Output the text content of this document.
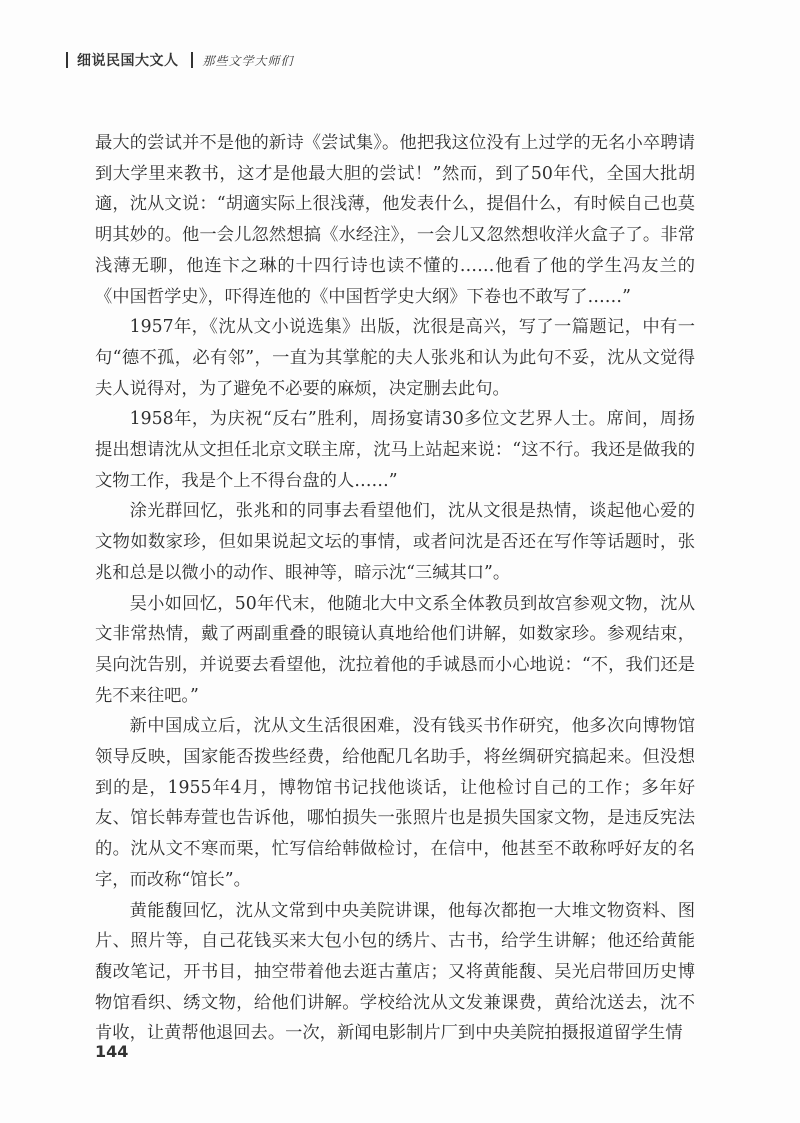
细说民国大文人 那些文学大师们

最大的尝试并不是他的新诗《尝试集》。他把我这位没有上过学的无名小卒聘请到大学里来教书，这才是他最大胆的尝试！”然而，到了50年代，全国大批胡適，沈从文说：“胡適实际上很浅薄，他发表什么，提倡什么，有时候自己也莫明其妙的。他一会儿忽然想搞《水经注》，一会儿又忽然想收洋火盒子了。非常浅薄无聊，他连卞之琳的十四行诗也读不懂的……他看了他的学生冯友兰的《中国哲学史》，吓得连他的《中国哲学史大纲》下卷也不敢写了……”

1957年，《沈从文小说选集》出版，沈很是高兴，写了一篇题记，中有一句“德不孤，必有邻”，一直为其掌舵的夫人张兆和认为此句不妥，沈从文觉得夫人说得对，为了避免不必要的麻烦，决定删去此句。

1958年，为庆祝“反右”胜利，周扬宴请30多位文艺界人士。席间，周扬提出想请沈从文担任北京文联主席，沈马上站起来说：“这不行。我还是做我的文物工作，我是个上不得台盘的人……”

涂光群回忆，张兆和的同事去看望他们，沈从文很是热情，谈起他心爱的文物如数家珍，但如果说起文坛的事情，或者问沈是否还在写作等话题时，张兆和总是以微小的动作、眼神等，暗示沈“三缄其口”。

吴小如回忆，50年代末，他随北大中文系全体教员到故宫参观文物，沈从文非常热情，戴了两副重叠的眼镜认真地给他们讲解，如数家珍。参观结束，吴向沈告别，并说要去看望他，沈拉着他的手诚恳而小心地说：“不，我们还是先不来往吧。”

新中国成立后，沈从文生活很困难，没有钱买书作研究，他多次向博物馆领导反映，国家能否拨些经费，给他配几名助手，将丝绸研究搞起来。但没想到的是，1955年4月，博物馆书记找他谈话，让他检讨自己的工作；多年好友、馆长韩寿萱也告诉他，哪怕损失一张照片也是损失国家文物，是违反宪法的。沈从文不寒而栗，忙写信给韩做检讨，在信中，他甚至不敢称呼好友的名字，而改称“馆长”。

黄能馥回忆，沈从文常到中央美院讲课，他每次都抱一大堆文物资料、图片、照片等，自己花钱买来大包小包的绣片、古书，给学生讲解；他还给黄能馥改笔记，开书目，抽空带着他去逛古董店；又将黄能馥、吴光启带回历史博物馆看织、绣文物，给他们讲解。学校给沈从文发兼课费，黄给沈送去，沈不肯收，让黄帮他退回去。一次，新闻电影制片厂到中央美院拍摄报道留学生情

144
